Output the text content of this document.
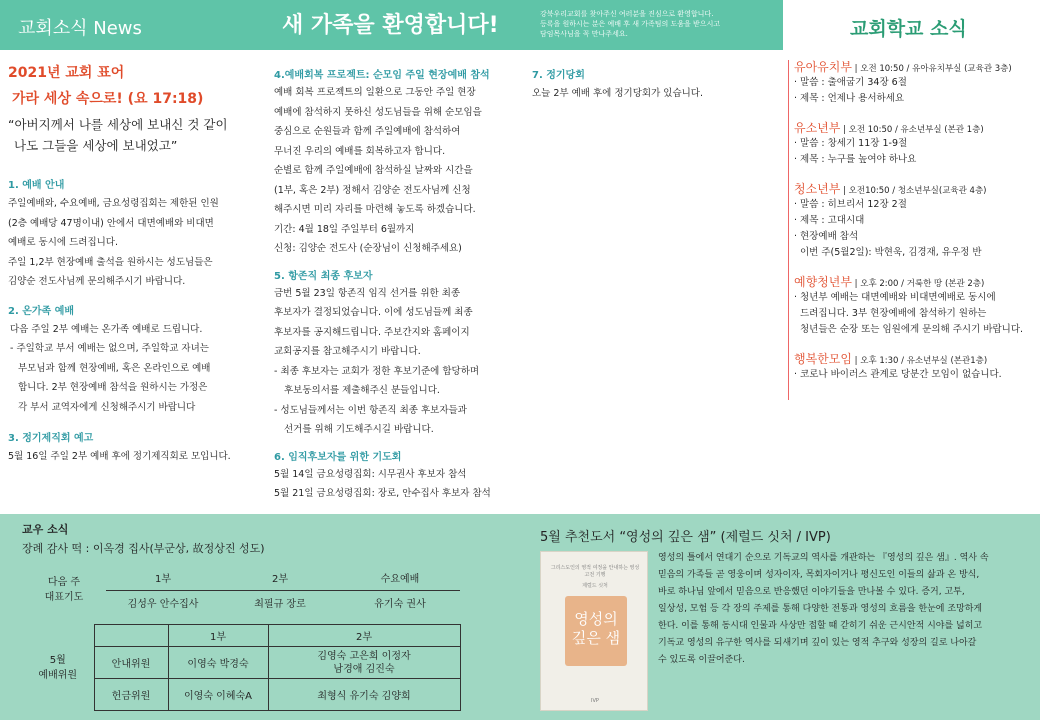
교회소식 News	새 가족을 환영합니다!	강북우리교회를 찾아주신 여러분을 진심으로 환영합니다.
등록을 원하시는 분은 예배 후 새 가족팀의 도움을 받으시고
담임목사님을 꼭 만나주세요.	교회학교 소식
2021년 교회 표어
가라 세상 속으로! (요 17:18)
“아버지께서 나를 세상에 보내신 것 같이
나도 그들을 세상에 보내었고”
1. 예배 안내
주일예배와, 수요예배, 금요성령집회는 제한된 인원
(2층 예배당 47명이내) 안에서 대면예배와 비대면
예배로 동시에 드려집니다.
주일 1,2부 현장예배 출석을 원하시는 성도님들은
김양순 전도사님께 문의해주시기 바랍니다.
2. 온가족 예배
다음 주일 2부 예배는 온가족 예배로 드립니다.
- 주일학교 부서 예배는 없으며, 주일학교 자녀는
부모님과 함께 현장예배, 혹은 온라인으로 예배
합니다. 2부 현장예배 참석을 원하시는 가정은
각 부서 교역자에게 신청해주시기 바랍니다
3. 정기제직회 예고
5월 16일 주일 2부 예배 후에 정기제직회로 모입니다.
4.예배회복 프로젝트: 순모임 주일 현장예배 참석
예배 회복 프로젝트의 일환으로 그동안 주일 현장
예배에 참석하지 못하신 성도님들을 위해 순모임을
중심으로 순원들과 함께 주일예배에 참석하여
무너진 우리의 예배를 회복하고자 합니다.
순별로 함께 주일예배에 참석하실 날짜와 시간을
(1부, 혹은 2부) 정해서 김양순 전도사님께 신청
해주시면 미리 자리를 마련해 놓도록 하겠습니다.
기간: 4월 18일 주일부터 6월까지
신청: 김양순 전도사 (순장님이 신청해주세요)
5. 항존직 최종 후보자
금번 5월 23일 항존직 임직 선거를 위한 최종
후보자가 결정되었습니다. 이에 성도님들께 최종
후보자를 공지해드립니다. 주보간지와 홈페이지
교회공지를 참고해주시기 바랍니다.
- 최종 후보자는 교회가 정한 후보기준에 합당하며
후보동의서를 제출해주신 분들입니다.
- 성도님들께서는 이번 항존직 최종 후보자들과
선거를 위해 기도해주시길 바랍니다.
6. 임직후보자를 위한 기도회
5월 14일 금요성령집회: 시무권사 후보자 참석
5월 21일 금요성령집회: 장로, 안수집사 후보자 참석
7. 정기당회
오늘 2부 예배 후에 정기당회가 있습니다.
유아유치부 | 오전 10:50 / 유아유치부실 (교육관 3층)
· 말씀 : 출애굽기 34장 6절
· 제목 : 언제나 용서하세요
유소년부 | 오전 10:50 / 유소년부실 (본관 1층)
· 말씀 : 창세기 11장 1-9절
· 제목 : 누구를 높여야 하나요
청소년부 | 오전10:50 / 청소년부실(교육관 4층)
· 말씀 : 히브리서 12장 2절
· 제목 : 고대시대
· 현장예배 참석
이번 주(5월2일): 박현욱, 김경재, 유우정 반
예향청년부 | 오후 2:00 / 거룩한 땅 (본관 2층)
· 청년부 예배는 대면예배와 비대면예배로 동시에
드려집니다. 3부 현장예배에 참석하기 원하는
청년들은 순장 또는 임원에게 문의해 주시기 바랍니다.
행복한모임 | 오후 1:30 / 유소년부실 (본관1층)
· 코로나 바이러스 관계로 당분간 모임이 없습니다.
교우 소식
장례 감사 떡 : 이옥경 집사(부군상, 故정상진 성도)
다음 주
대표기도	1부	2부	수요예배
	김성우 안수집사	최필규 장로	유기숙 권사
5월
예배위원		1부	2부
	안내위원	이영숙 박경숙	김영숙 고은희 이정자
남경애 김진숙

	헌금위원	이영숙 이혜숙A	최형식 유기숙 김양희
5월 추천도서 “영성의 깊은 샘” (제럴드 싯처 / IVP)
그리스도인의 영적 여정을 안내하는 영성 고전 기행
제럴드 싯처
영성의
깊은 샘
IVP
영성의 틀에서 연대기 순으로 기독교의 역사를 개관하는 『영성의 깊은 샘』. 역사 속
믿음의 가족들 곧 영웅이며 성자이자, 목회자이거나 평신도인 이들의 삶과 온 방식,
바로 하나님 앞에서 믿음으로 반응했던 이야기들을 만나볼 수 있다. 증거, 고투,
일상성, 모험 등 각 장의 주제를 통해 다양한 전통과 영성의 흐름을 한눈에 조망하게
한다. 이를 통해 동시대 인물과 사상만 접할 때 갇히기 쉬운 근시안적 시야를 넓히고
기독교 영성의 유구한 역사를 되새기며 깊이 있는 영적 추구와 성장의 길로 나아갈
수 있도록 이끌어준다.
